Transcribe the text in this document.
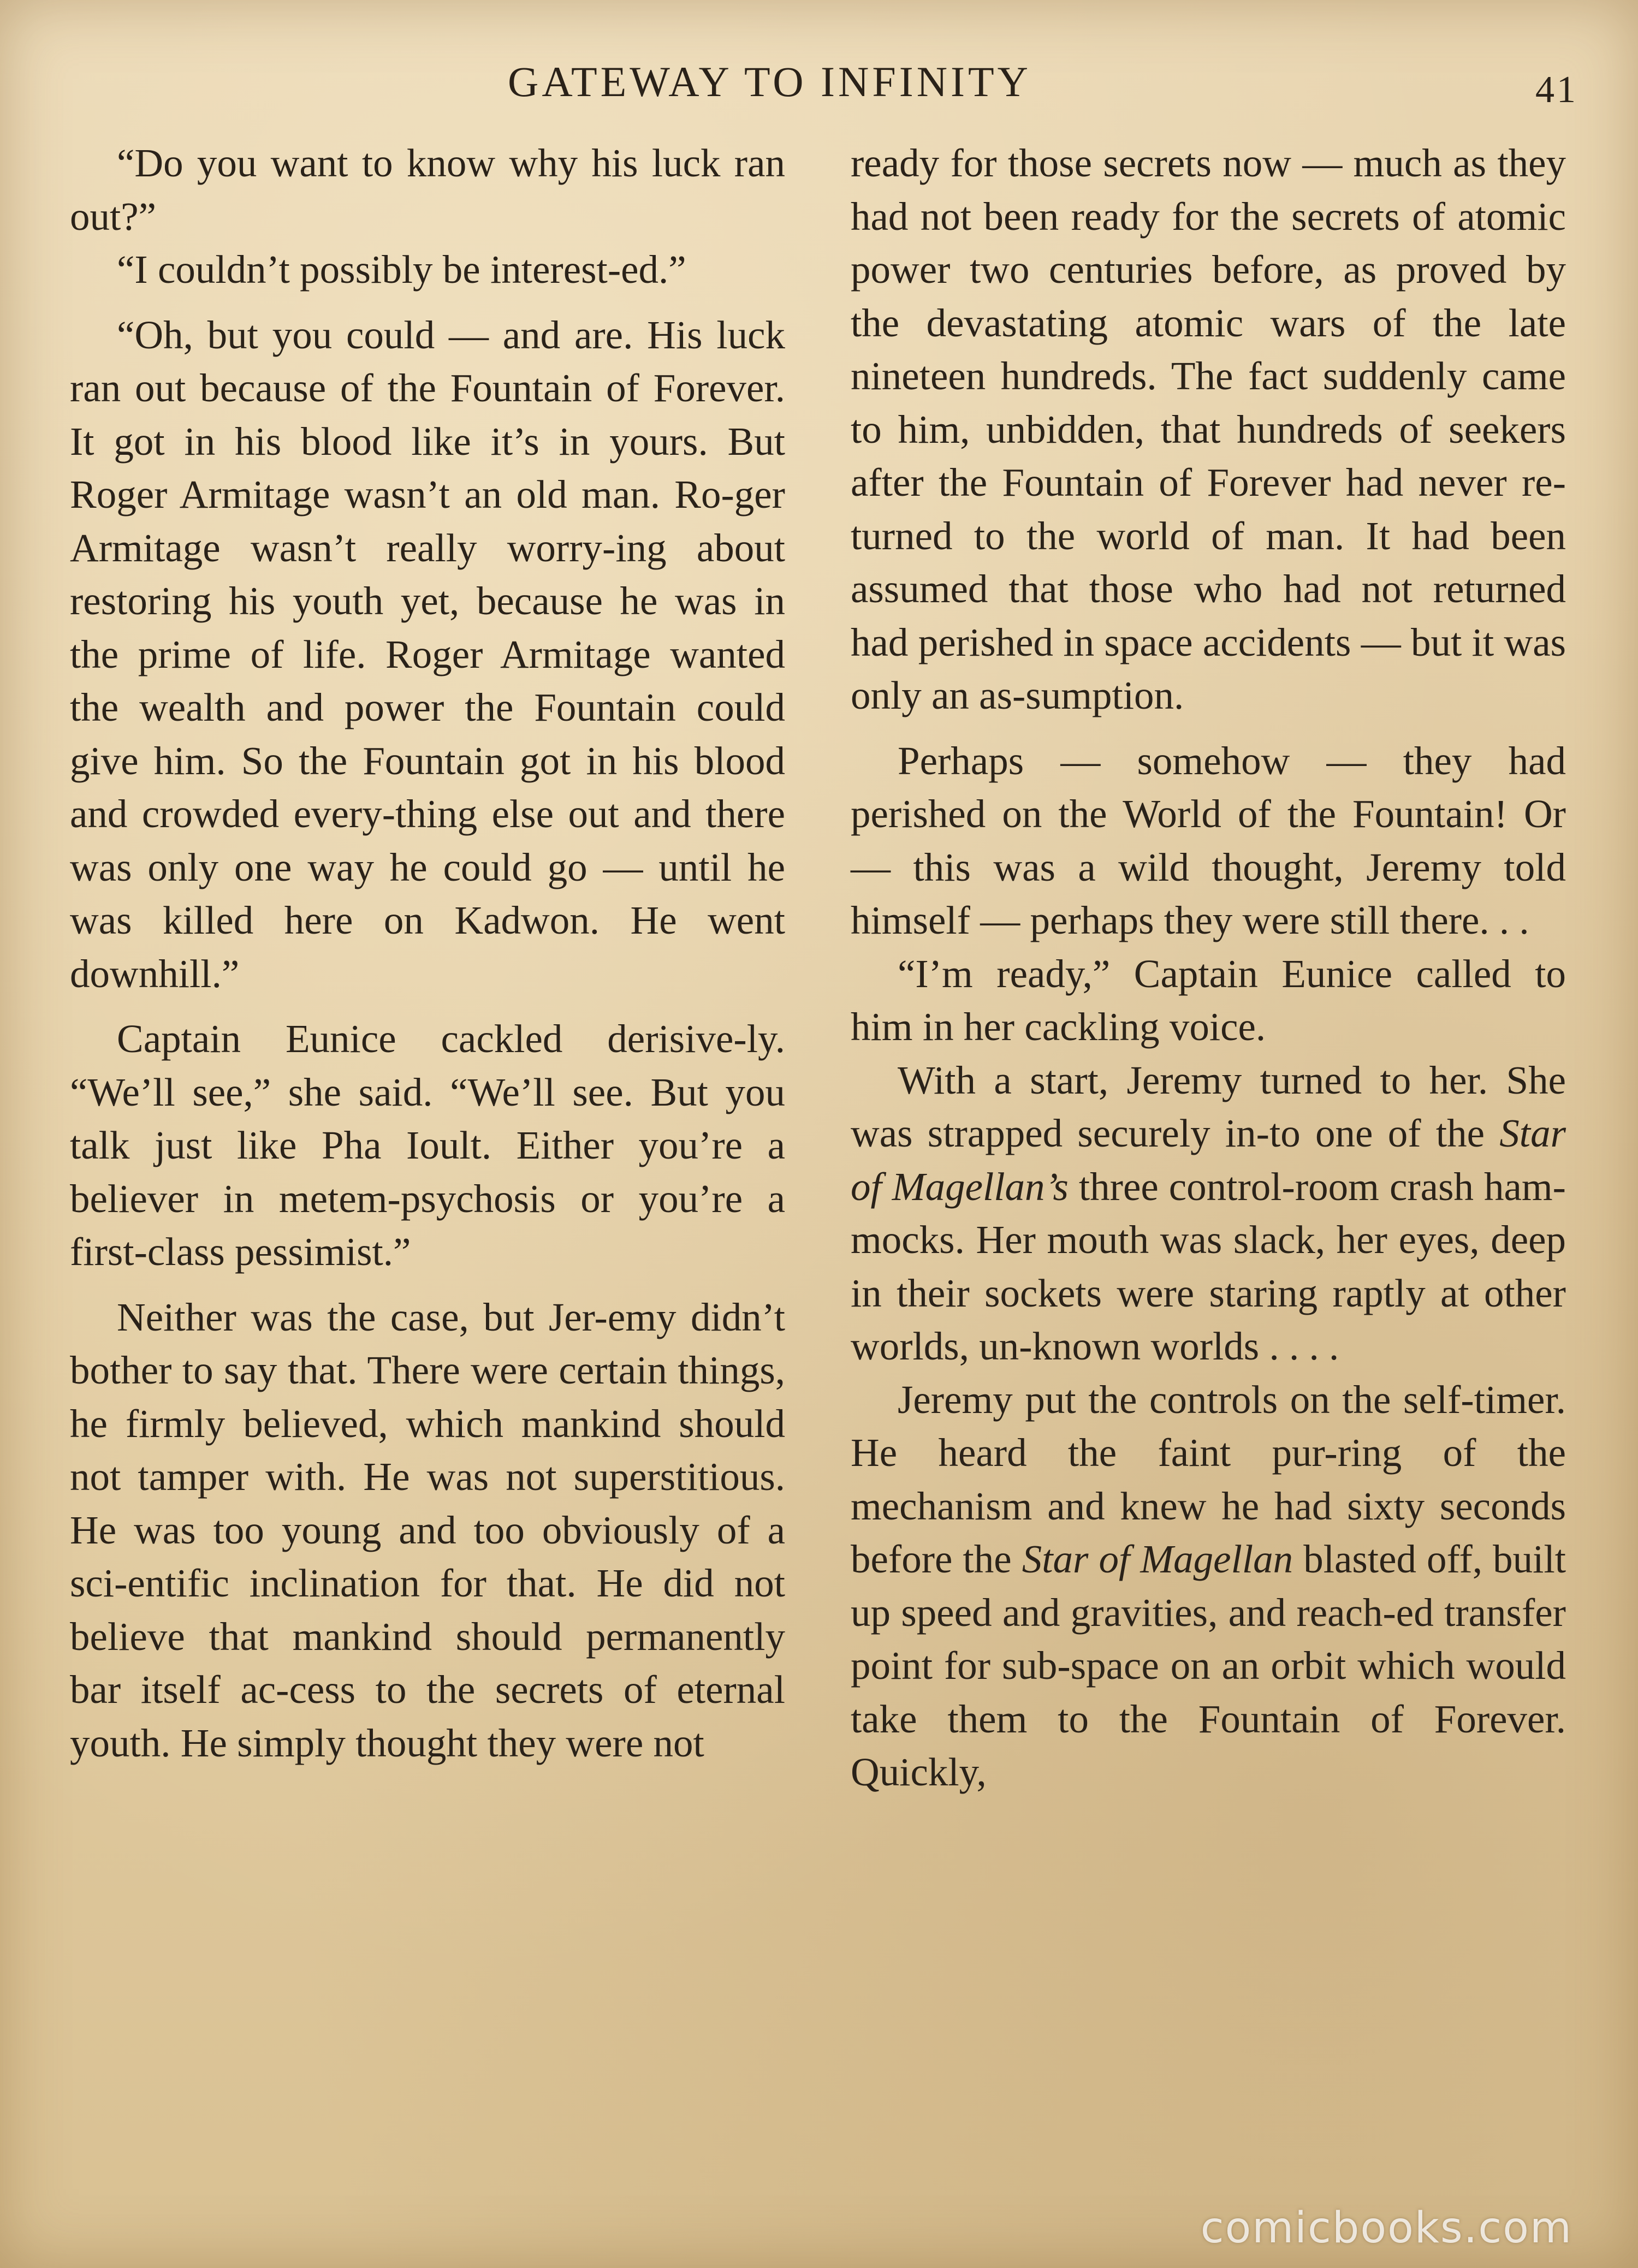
GATEWAY TO INFINITY	41

“Do you want to know why his luck ran out?”

“I couldn’t possibly be interest-ed.”

“Oh, but you could — and are. His luck ran out because of the Fountain of Forever. It got in his blood like it’s in yours. But Roger Armitage wasn’t an old man. Ro-ger Armitage wasn’t really worry-ing about restoring his youth yet, because he was in the prime of life. Roger Armitage wanted the wealth and power the Fountain could give him. So the Fountain got in his blood and crowded every-thing else out and there was only one way he could go — until he was killed here on Kadwon. He went downhill.”

Captain Eunice cackled derisive-ly. “We’ll see,” she said. “We’ll see. But you talk just like Pha Ioult. Either you’re a believer in metem-psychosis or you’re a first-class pessimist.”

Neither was the case, but Jer-emy didn’t bother to say that. There were certain things, he firmly believed, which mankind should not tamper with. He was not superstitious. He was too young and too obviously of a sci-entific inclination for that. He did not believe that mankind should permanently bar itself ac-cess to the secrets of eternal youth. He simply thought they were not

ready for those secrets now — much as they had not been ready for the secrets of atomic power two centuries before, as proved by the devastating atomic wars of the late nineteen hundreds. The fact suddenly came to him, unbidden, that hundreds of seekers after the Fountain of Forever had never re-turned to the world of man. It had been assumed that those who had not returned had perished in space accidents — but it was only an as-sumption.

Perhaps — somehow — they had perished on the World of the Fountain! Or — this was a wild thought, Jeremy told himself — perhaps they were still there. . .

“I’m ready,” Captain Eunice called to him in her cackling voice.

With a start, Jeremy turned to her. She was strapped securely in-to one of the Star of Magellan’s three control-room crash ham-mocks. Her mouth was slack, her eyes, deep in their sockets were staring raptly at other worlds, un-known worlds . . . .

Jeremy put the controls on the self-timer. He heard the faint pur-ring of the mechanism and knew he had sixty seconds before the Star of Magellan blasted off, built up speed and gravities, and reach-ed transfer point for sub-space on an orbit which would take them to the Fountain of Forever. Quickly,

comicbooks.com
